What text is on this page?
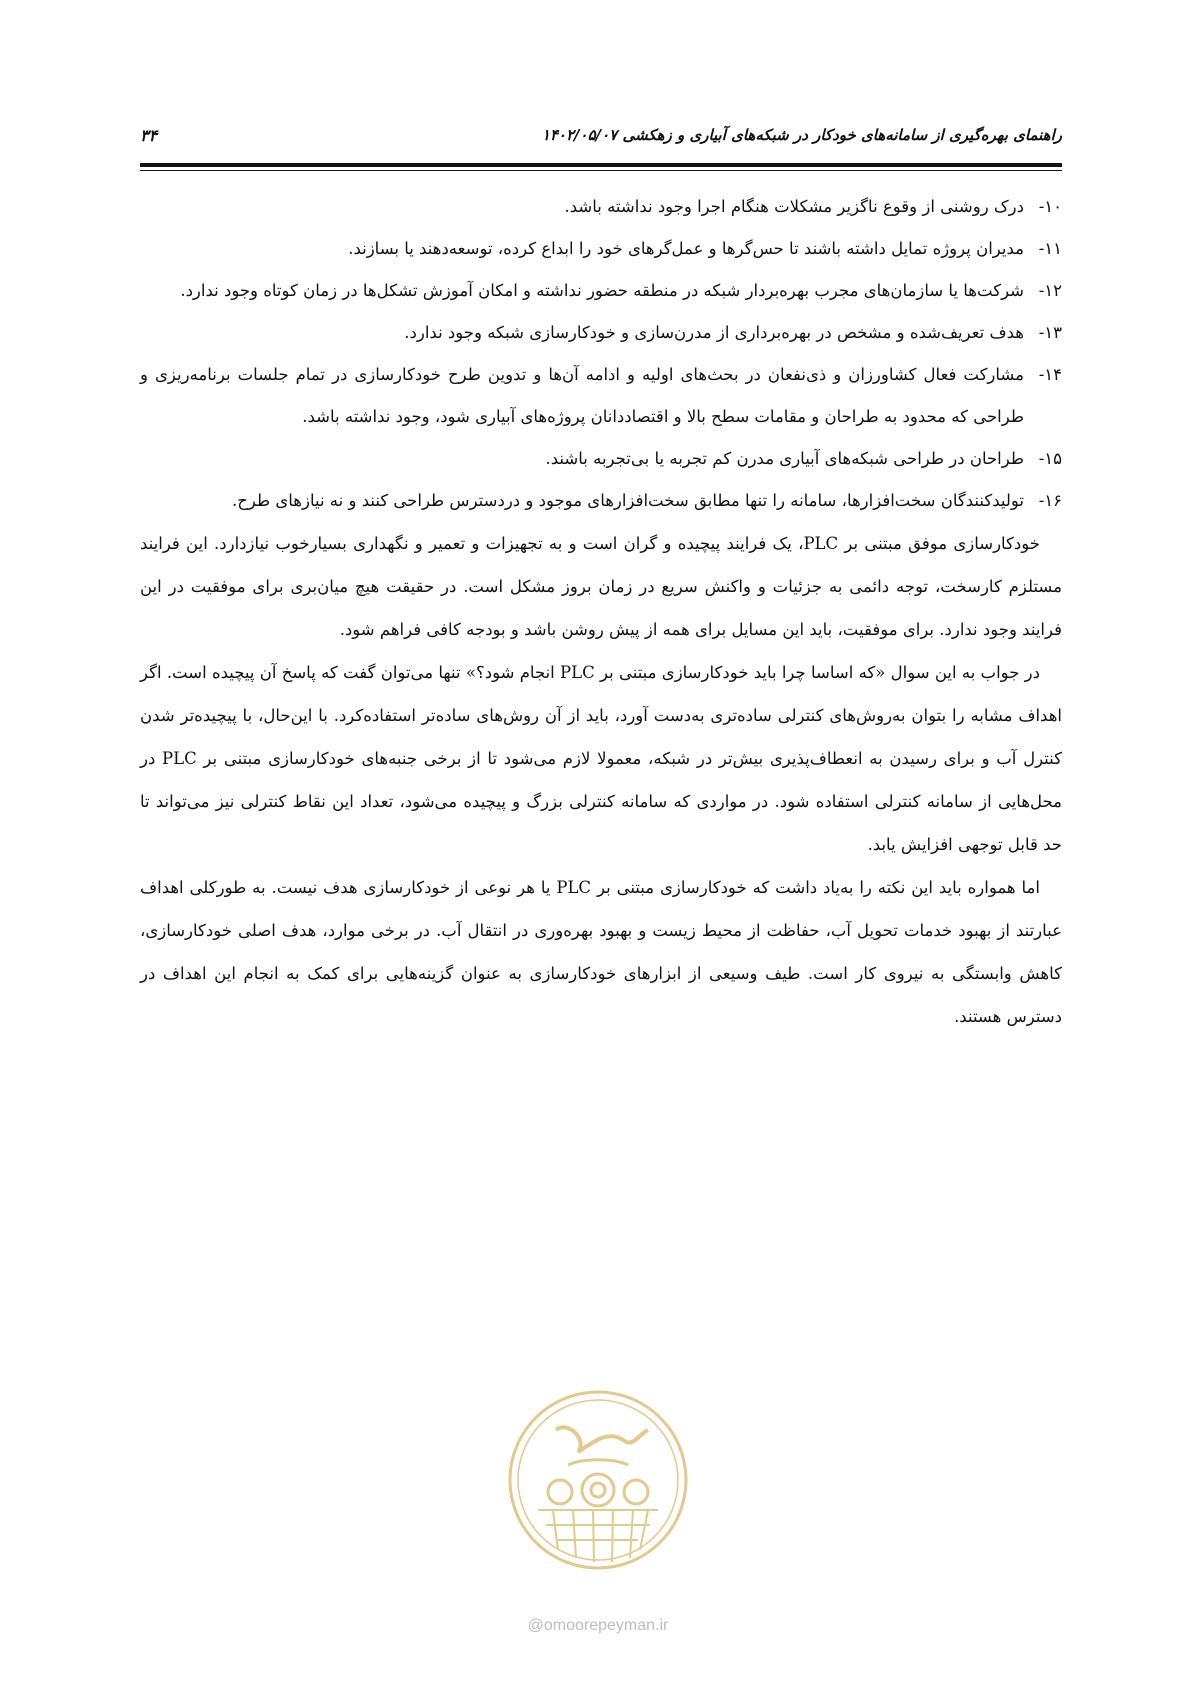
راهنمای بهره‌گیری از سامانه‌های خودکار در شبکه‌های آبیاری و زهکشی ۱۴۰۲/۰۵/۰۷
۳۴
۱۰-
درک روشنی از وقوع ناگزیر مشکلات هنگام اجرا وجود نداشته باشد.
۱۱-
مدیران پروژه تمایل داشته باشند تا حس‌گرها و عمل‌گرهای خود را ابداع کرده، توسعه‌دهند یا بسازند.
۱۲-
شرکت‌ها یا سازمان‌های مجرب بهره‌بردار شبکه در منطقه حضور نداشته و امکان آموزش تشکل‌ها در زمان کوتاه وجود ندارد.
۱۳-
هدف تعریف‌شده و مشخص در بهره‌برداری از مدرن‌سازی و خودکارسازی شبکه وجود ندارد.
۱۴-
مشارکت فعال کشاورزان و ذی‌نفعان در بحث‌های اولیه و ادامه آن‌ها و تدوین طرح خودکارسازی در تمام جلسات برنامه‌ریزی و طراحی که محدود به طراحان و مقامات سطح بالا و اقتصاددانان پروژه‌های آبیاری شود، وجود نداشته باشد.
۱۵-
طراحان در طراحی شبکه‌های آبیاری مدرن کم تجربه یا بی‌تجربه باشند.
۱۶-
تولیدکنندگان سخت‌افزارها، سامانه را تنها مطابق سخت‌افزارهای موجود و دردسترس طراحی کنند و نه نیازهای طرح.

خودکارسازی موفق مبتنی بر PLC، یک فرایند پیچیده و گران است و به تجهیزات و تعمیر و نگهداری بسیارخوب نیازدارد. این فرایند مستلزم کارسخت، توجه دائمی به جزئیات و واکنش سریع در زمان بروز مشکل است. در حقیقت هیچ میان‌بری برای موفقیت در این فرایند وجود ندارد. برای موفقیت، باید این مسایل برای همه از پیش روشن باشد و بودجه کافی فراهم شود.

در جواب به این سوال «که اساسا چرا باید خودکارسازی مبتنی بر PLC انجام شود؟» تنها می‌توان گفت که پاسخ آن پیچیده است. اگر اهداف مشابه را بتوان به‌روش‌های کنترلی ساده‌تری به‌دست آورد، باید از آن روش‌های ساده‌تر استفاده‌کرد. با این‌حال، با پیچیده‌تر شدن کنترل آب و برای رسیدن به انعطاف‌پذیری بیش‌تر در شبکه، معمولا لازم می‌شود تا از برخی جنبه‌های خودکارسازی مبتنی بر PLC در محل‌هایی از سامانه کنترلی استفاده شود. در مواردی که سامانه کنترلی بزرگ و پیچیده می‌شود، تعداد این نقاط کنترلی نیز می‌تواند تا حد قابل توجهی افزایش یابد.

اما همواره باید این نکته را به‌یاد داشت که خودکارسازی مبتنی بر PLC یا هر نوعی از خودکارسازی هدف نیست. به طورکلی اهداف عبارتند از بهبود خدمات تحویل آب، حفاظت از محیط زیست و بهبود بهره‌وری در انتقال آب. در برخی موارد، هدف اصلی خودکارسازی، کاهش وابستگی به نیروی کار است. طیف وسیعی از ابزارهای خودکارسازی به عنوان گزینه‌هایی برای کمک به انجام این اهداف در دسترس هستند.

@omoorepeyman.ir
